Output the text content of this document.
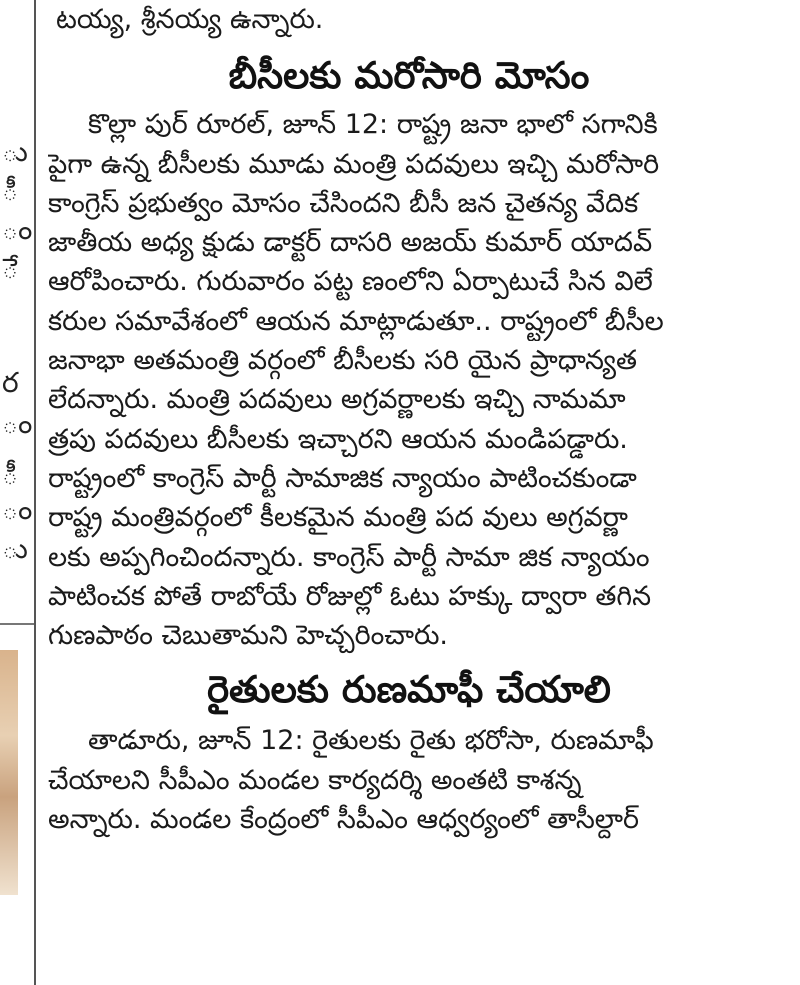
ు
ీ
ం
ే
ర
ం
ీ
ం
ు
టయ్య, శ్రీనయ్య ఉన్నారు.
బీసీలకు మరోసారి మోసం
కొల్లా పుర్ రూరల్, జూన్ 12: రాష్ట్ర జనా భాలో సగానికి
పైగా ఉన్న బీసీలకు మూడు మంత్రి పదవులు ఇచ్చి మరోసారి
కాంగ్రెస్ ప్రభుత్వం మోసం చేసిందని బీసీ జన చైతన్య వేదిక
జాతీయ అధ్య క్షుడు డాక్టర్ దాసరి అజయ్ కుమార్ యాదవ్
ఆరోపించారు. గురువారం పట్ట ణంలోని ఏర్పాటుచే సిన విలే
కరుల సమావేశంలో ఆయన మాట్లాడుతూ.. రాష్ట్రంలో బీసీల
జనాభా అతమంత్రి వర్గంలో బీసీలకు సరి యైన ప్రాధాన్యత
లేదన్నారు. మంత్రి పదవులు అగ్రవర్ణాలకు ఇచ్చి నామమా
త్రపు పదవులు బీసీలకు ఇచ్చారని ఆయన మండిపడ్డారు.
రాష్ట్రంలో కాంగ్రెస్ పార్టీ సామాజిక న్యాయం పాటించకుండా
రాష్ట్ర మంత్రివర్గంలో కీలకమైన మంత్రి పద వులు అగ్రవర్ణా
లకు అప్పగించిందన్నారు. కాంగ్రెస్ పార్టీ సామా జిక న్యాయం
పాటించక పోతే రాబోయే రోజుల్లో ఓటు హక్కు ద్వారా తగిన
గుణపాఠం చెబుతామని హెచ్చరించారు.
రైతులకు రుణమాఫీ చేయాలి
తాడూరు, జూన్ 12: రైతులకు రైతు భరోసా, రుణమాఫీ
చేయాలని సీపీఎం మండల కార్యదర్శి అంతటి కాశన్న
అన్నారు. మండల కేంద్రంలో సీపీఎం ఆధ్వర్యంలో తాసీల్దార్
